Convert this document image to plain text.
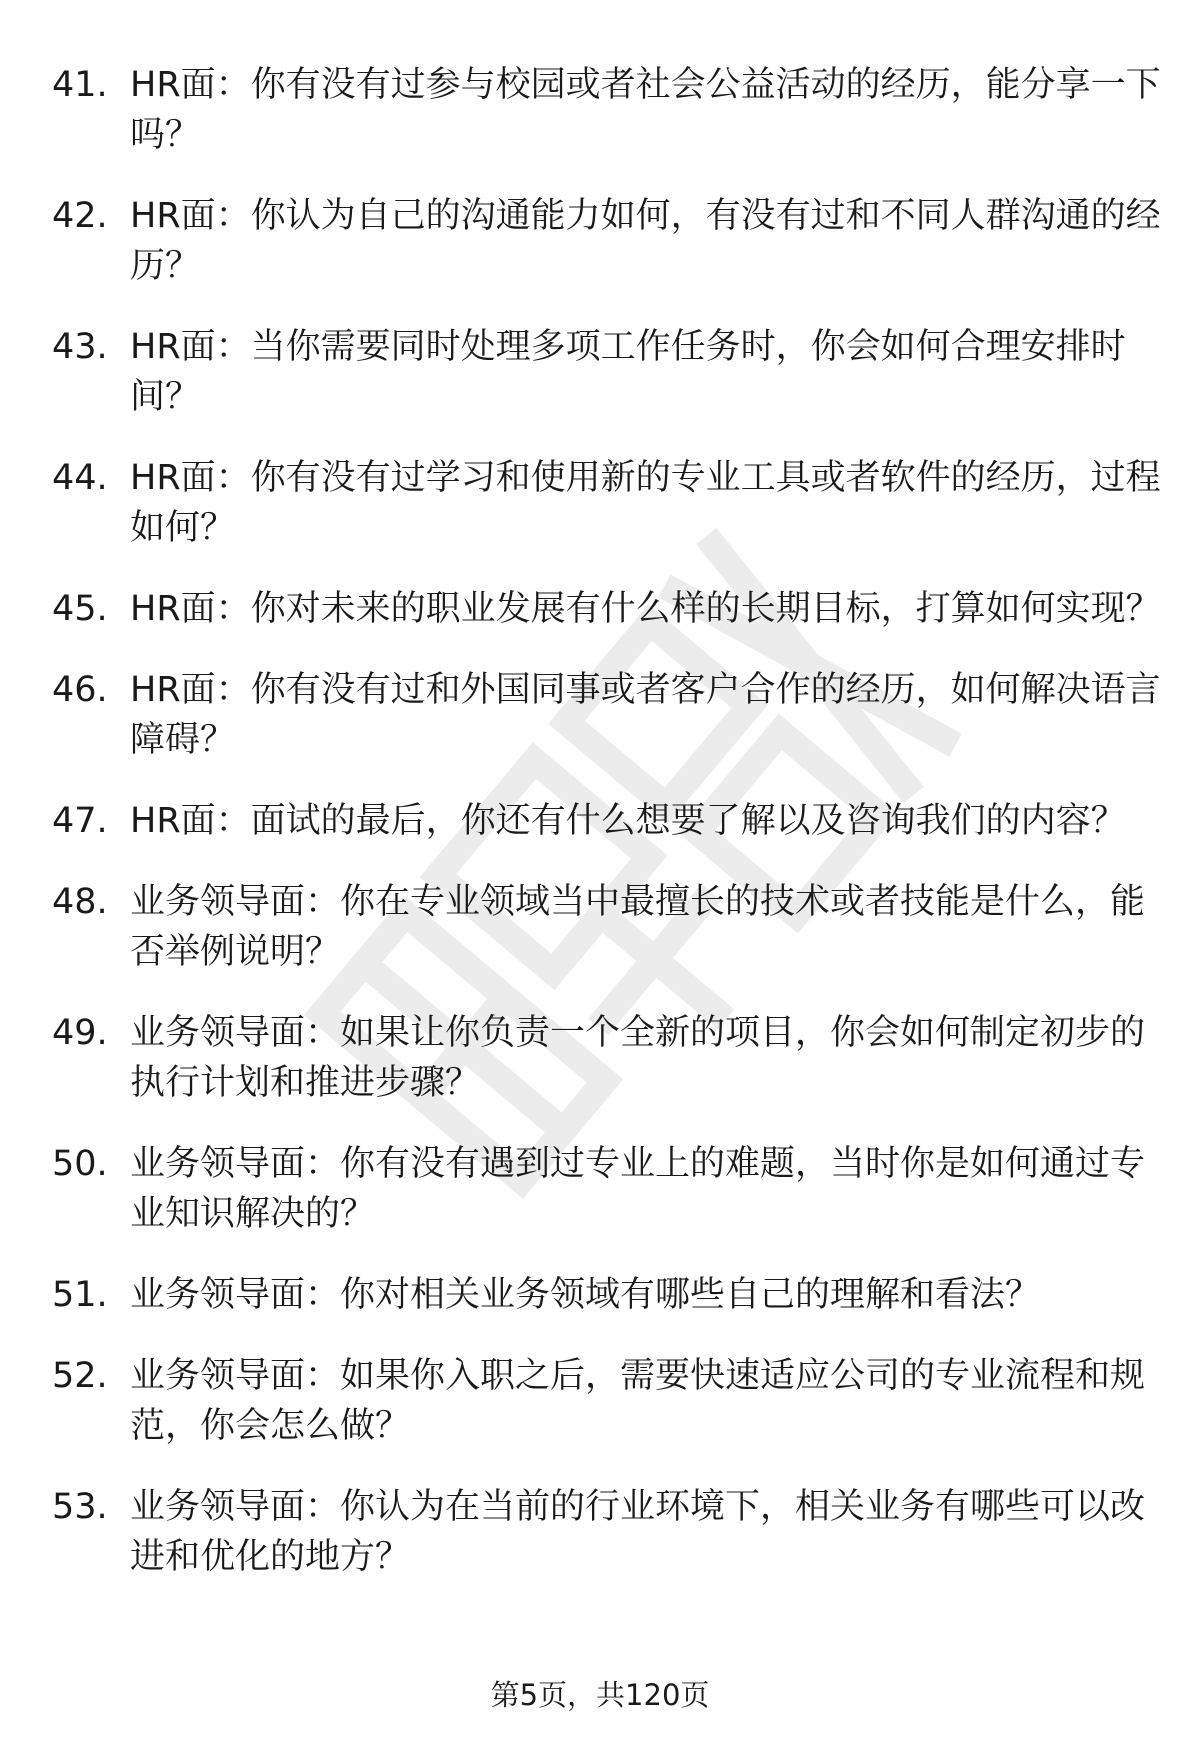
41. HR面：你有没有过参与校园或者社会公益活动的经历，能分享一下吗？
42. HR面：你认为自己的沟通能力如何，有没有过和不同人群沟通的经历？
43. HR面：当你需要同时处理多项工作任务时，你会如何合理安排时间？
44. HR面：你有没有过学习和使用新的专业工具或者软件的经历，过程如何？
45. HR面：你对未来的职业发展有什么样的长期目标，打算如何实现？
46. HR面：你有没有过和外国同事或者客户合作的经历，如何解决语言障碍？
47. HR面：面试的最后，你还有什么想要了解以及咨询我们的内容？
48. 业务领导面：你在专业领域当中最擅长的技术或者技能是什么，能否举例说明？
49. 业务领导面：如果让你负责一个全新的项目，你会如何制定初步的执行计划和推进步骤？
50. 业务领导面：你有没有遇到过专业上的难题，当时你是如何通过专业知识解决的？
51. 业务领导面：你对相关业务领域有哪些自己的理解和看法？
52. 业务领导面：如果你入职之后，需要快速适应公司的专业流程和规范，你会怎么做？
53. 业务领导面：你认为在当前的行业环境下，相关业务有哪些可以改进和优化的地方？
第5页，共120页
